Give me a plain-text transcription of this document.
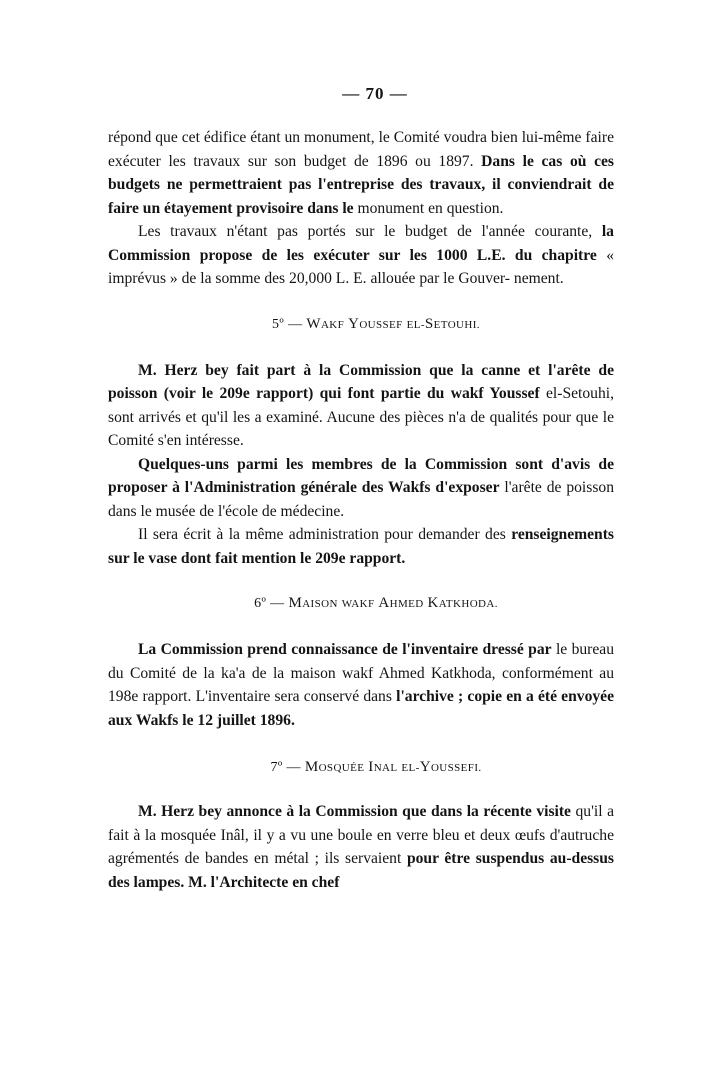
— 70 —

répond que cet édifice étant un monument, le Comité voudra bien lui-même faire exécuter les travaux sur son budget de 1896 ou 1897. Dans le cas où ces budgets ne permettraient pas l'entreprise des travaux, il conviendrait de faire un étayement provisoire dans le monument en question.

Les travaux n'étant pas portés sur le budget de l'année courante, la Commission propose de les exécuter sur les 1000 L.E. du chapitre « imprévus » de la somme des 20,000 L. E. allouée par le Gouver- nement.

5º — WAKF YOUSSEF EL-SETOUHI.

M. Herz bey fait part à la Commission que la canne et l'arête de poisson (voir le 209e rapport) qui font partie du wakf Youssef el-Setouhi, sont arrivés et qu'il les a examiné. Aucune des pièces n'a de qualités pour que le Comité s'en intéresse.

Quelques-uns parmi les membres de la Commission sont d'avis de proposer à l'Administration générale des Wakfs d'exposer l'arête de poisson dans le musée de l'école de médecine.

Il sera écrit à la même administration pour demander des renseignements sur le vase dont fait mention le 209e rapport.

6º — MAISON WAKF AHMED KATKHODA.

La Commission prend connaissance de l'inventaire dressé par le bureau du Comité de la ka'a de la maison wakf Ahmed Katkhoda, conformément au 198e rapport. L'inventaire sera conservé dans l'archive ; copie en a été envoyée aux Wakfs le 12 juillet 1896.

7º — MOSQUÉE INAL EL-YOUSSEFI.

M. Herz bey annonce à la Commission que dans la récente visite qu'il a fait à la mosquée Inâl, il y a vu une boule en verre bleu et deux œufs d'autruche agrémentés de bandes en métal ; ils servaient pour être suspendus au-dessus des lampes. M. l'Architecte en chef
